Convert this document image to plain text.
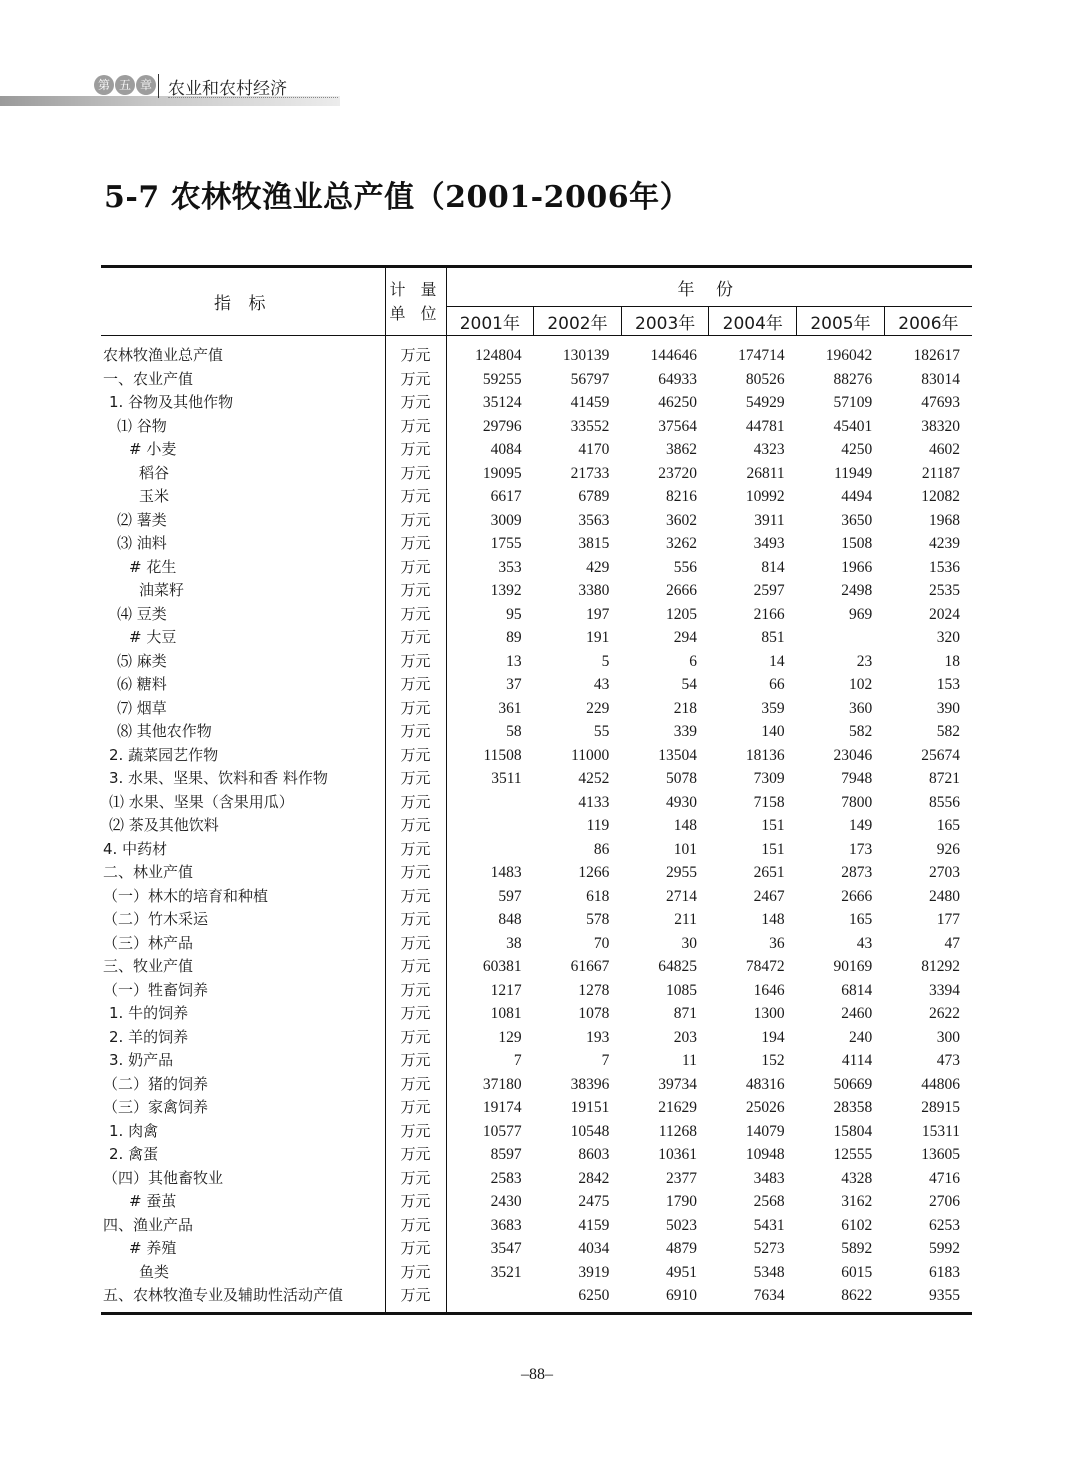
第 五 章 农业和农村经济
5-7 农林牧渔业总产值（2001-2006年）
指 标	计 量
单 位	年 份					
		2001年	2002年	2003年	2004年	2005年	2006年
农林牧渔业总产值	万元	124804	130139	144646	174714	196042	182617
一、农业产值	万元	59255	56797	64933	80526	88276	83014
1. 谷物及其他作物	万元	35124	41459	46250	54929	57109	47693
⑴ 谷物	万元	29796	33552	37564	44781	45401	38320
# 小麦	万元	4084	4170	3862	4323	4250	4602
稻谷	万元	19095	21733	23720	26811	11949	21187
玉米	万元	6617	6789	8216	10992	4494	12082
⑵ 薯类	万元	3009	3563	3602	3911	3650	1968
⑶ 油料	万元	1755	3815	3262	3493	1508	4239
# 花生	万元	353	429	556	814	1966	1536
油菜籽	万元	1392	3380	2666	2597	2498	2535
⑷ 豆类	万元	95	197	1205	2166	969	2024
# 大豆	万元	89	191	294	851		320
⑸ 麻类	万元	13	5	6	14	23	18
⑹ 糖料	万元	37	43	54	66	102	153
⑺ 烟草	万元	361	229	218	359	360	390
⑻ 其他农作物	万元	58	55	339	140	582	582
2. 蔬菜园艺作物	万元	11508	11000	13504	18136	23046	25674
3. 水果、坚果、饮料和香 料作物	万元	3511	4252	5078	7309	7948	8721
⑴ 水果、坚果（含果用瓜）	万元		4133	4930	7158	7800	8556
⑵ 茶及其他饮料	万元		119	148	151	149	165
4. 中药材	万元		86	101	151	173	926
二、林业产值	万元	1483	1266	2955	2651	2873	2703
（一）林木的培育和种植	万元	597	618	2714	2467	2666	2480
（二）竹木采运	万元	848	578	211	148	165	177
（三）林产品	万元	38	70	30	36	43	47
三、牧业产值	万元	60381	61667	64825	78472	90169	81292
（一）牲畜饲养	万元	1217	1278	1085	1646	6814	3394
1. 牛的饲养	万元	1081	1078	871	1300	2460	2622
2. 羊的饲养	万元	129	193	203	194	240	300
3. 奶产品	万元	7	7	11	152	4114	473
（二）猪的饲养	万元	37180	38396	39734	48316	50669	44806
（三）家禽饲养	万元	19174	19151	21629	25026	28358	28915
1. 肉禽	万元	10577	10548	11268	14079	15804	15311
2. 禽蛋	万元	8597	8603	10361	10948	12555	13605
（四）其他畜牧业	万元	2583	2842	2377	3483	4328	4716
# 蚕茧	万元	2430	2475	1790	2568	3162	2706
四、渔业产品	万元	3683	4159	5023	5431	6102	6253
# 养殖	万元	3547	4034	4879	5273	5892	5992
鱼类	万元	3521	3919	4951	5348	6015	6183
五、农林牧渔专业及辅助性活动产值	万元		6250	6910	7634	8622	9355
–88–
